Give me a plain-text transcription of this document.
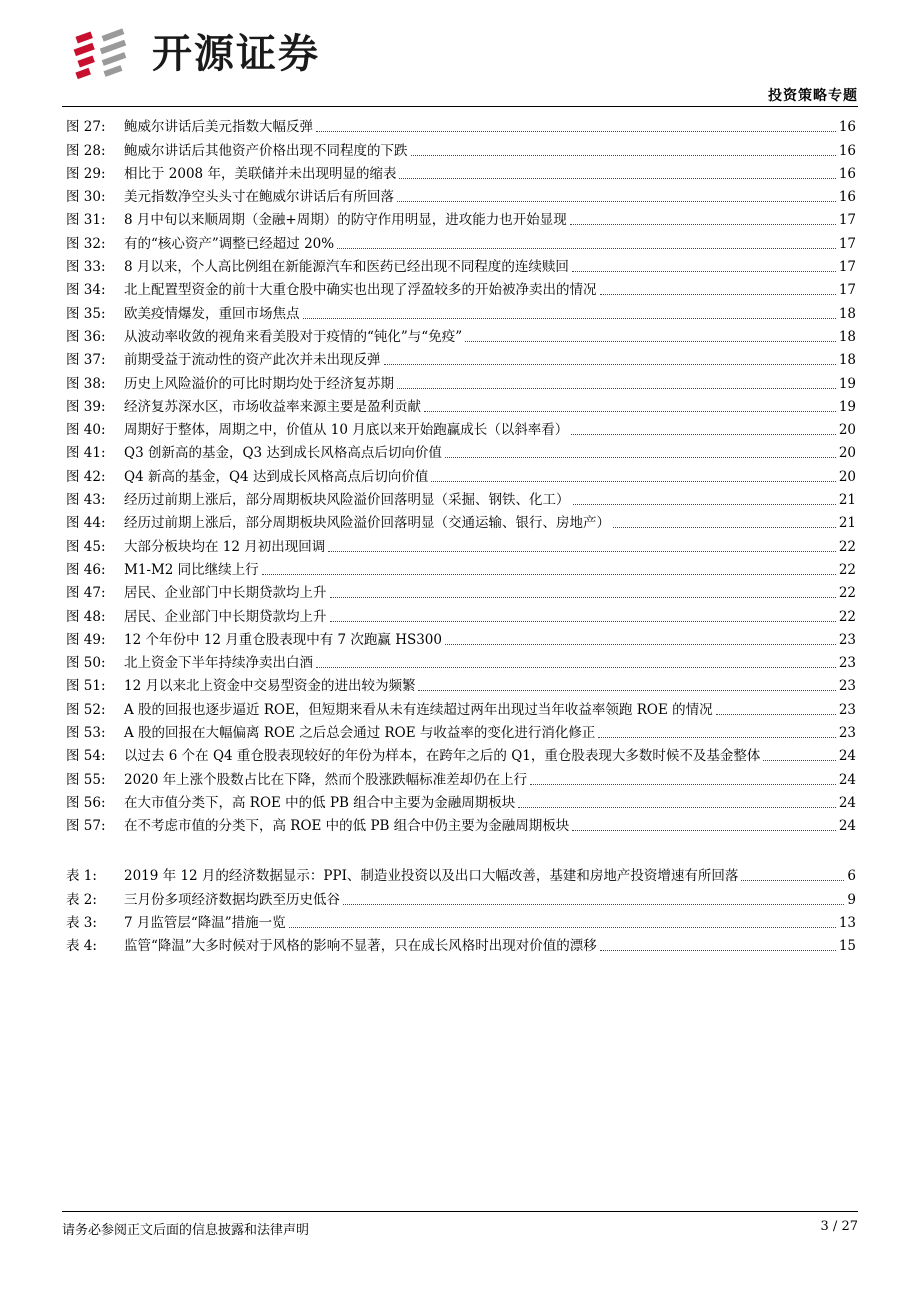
开源证券
投资策略专题
图 27:	鲍威尔讲话后美元指数大幅反弹	16
图 28:	鲍威尔讲话后其他资产价格出现不同程度的下跌	16
图 29:	相比于 2008 年，美联储并未出现明显的缩表	16
图 30:	美元指数净空头头寸在鲍威尔讲话后有所回落	16
图 31:	8 月中旬以来顺周期（金融+周期）的防守作用明显，进攻能力也开始显现	17
图 32:	有的“核心资产”调整已经超过 20%	17
图 33:	8 月以来，个人高比例组在新能源汽车和医药已经出现不同程度的连续赎回	17
图 34:	北上配置型资金的前十大重仓股中确实也出现了浮盈较多的开始被净卖出的情况	17
图 35:	欧美疫情爆发，重回市场焦点	18
图 36:	从波动率收敛的视角来看美股对于疫情的“钝化”与“免疫”	18
图 37:	前期受益于流动性的资产此次并未出现反弹	18
图 38:	历史上风险溢价的可比时期均处于经济复苏期	19
图 39:	经济复苏深水区，市场收益率来源主要是盈利贡献	19
图 40:	周期好于整体，周期之中，价值从 10 月底以来开始跑赢成长（以斜率看）	20
图 41:	Q3 创新高的基金，Q3 达到成长风格高点后切向价值	20
图 42:	Q4 新高的基金，Q4 达到成长风格高点后切向价值	20
图 43:	经历过前期上涨后，部分周期板块风险溢价回落明显（采掘、钢铁、化工）	21
图 44:	经历过前期上涨后，部分周期板块风险溢价回落明显（交通运输、银行、房地产）	21
图 45:	大部分板块均在 12 月初出现回调	22
图 46:	M1-M2 同比继续上行	22
图 47:	居民、企业部门中长期贷款均上升	22
图 48:	居民、企业部门中长期贷款均上升	22
图 49:	12 个年份中 12 月重仓股表现中有 7 次跑赢 HS300	23
图 50:	北上资金下半年持续净卖出白酒	23
图 51:	12 月以来北上资金中交易型资金的进出较为频繁	23
图 52:	A 股的回报也逐步逼近 ROE，但短期来看从未有连续超过两年出现过当年收益率领跑 ROE 的情况	23
图 53:	A 股的回报在大幅偏离 ROE 之后总会通过 ROE 与收益率的变化进行消化修正	23
图 54:	以过去 6 个在 Q4 重仓股表现较好的年份为样本，在跨年之后的 Q1，重仓股表现大多数时候不及基金整体	24
图 55:	2020 年上涨个股数占比在下降，然而个股涨跌幅标准差却仍在上行	24
图 56:	在大市值分类下，高 ROE 中的低 PB 组合中主要为金融周期板块	24
图 57:	在不考虑市值的分类下，高 ROE 中的低 PB 组合中仍主要为金融周期板块	24
表 1:	2019 年 12 月的经济数据显示：PPI、制造业投资以及出口大幅改善，基建和房地产投资增速有所回落	6
表 2:	三月份多项经济数据均跌至历史低谷	9
表 3:	7 月监管层“降温”措施一览	13
表 4:	监管“降温”大多时候对于风格的影响不显著，只在成长风格时出现对价值的漂移	15
请务必参阅正文后面的信息披露和法律声明	3 / 27
